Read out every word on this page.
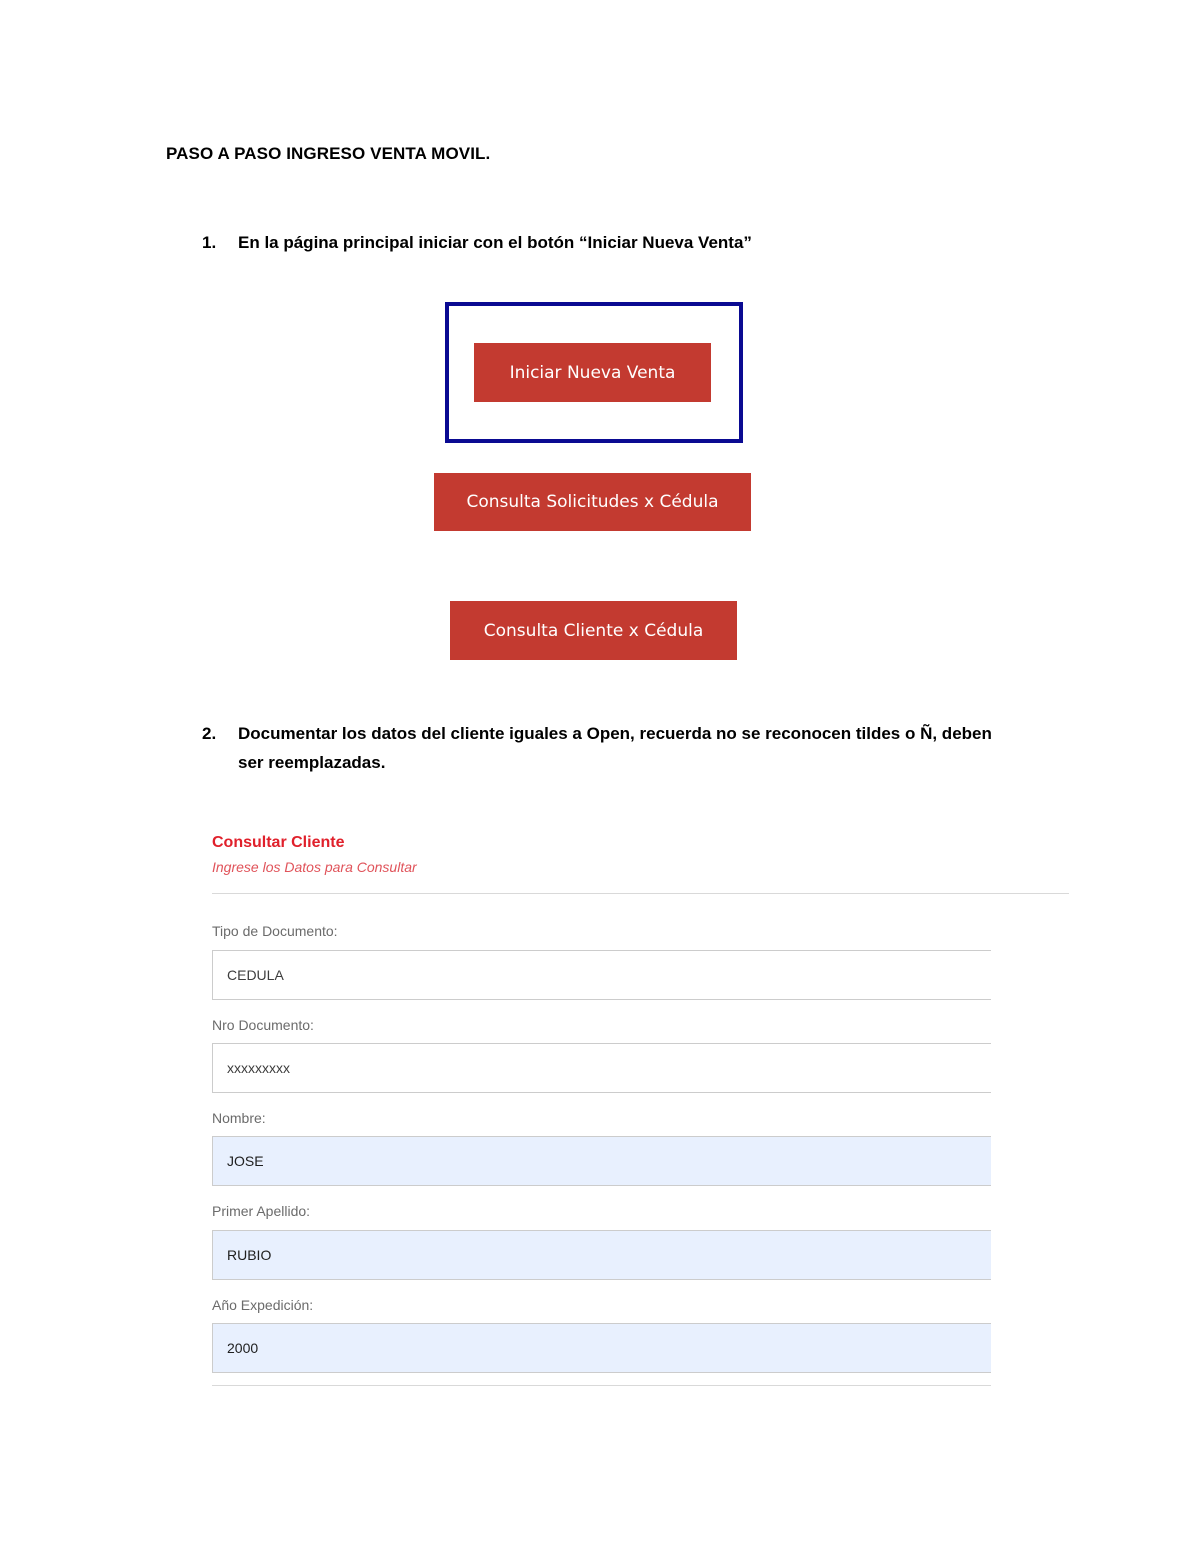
PASO A PASO INGRESO VENTA MOVIL.
1. En la página principal iniciar con el botón “Iniciar Nueva Venta”
Iniciar Nueva Venta
Consulta Solicitudes x Cédula
Consulta Cliente x Cédula
2. Documentar los datos del cliente iguales a Open, recuerda no se reconocen tildes o Ñ, deben ser reemplazadas.
Consultar Cliente
Ingrese los Datos para Consultar
Tipo de Documento:
CEDULA
Nro Documento:
xxxxxxxxx
Nombre:
JOSE
Primer Apellido:
RUBIO
Año Expedición:
2000
